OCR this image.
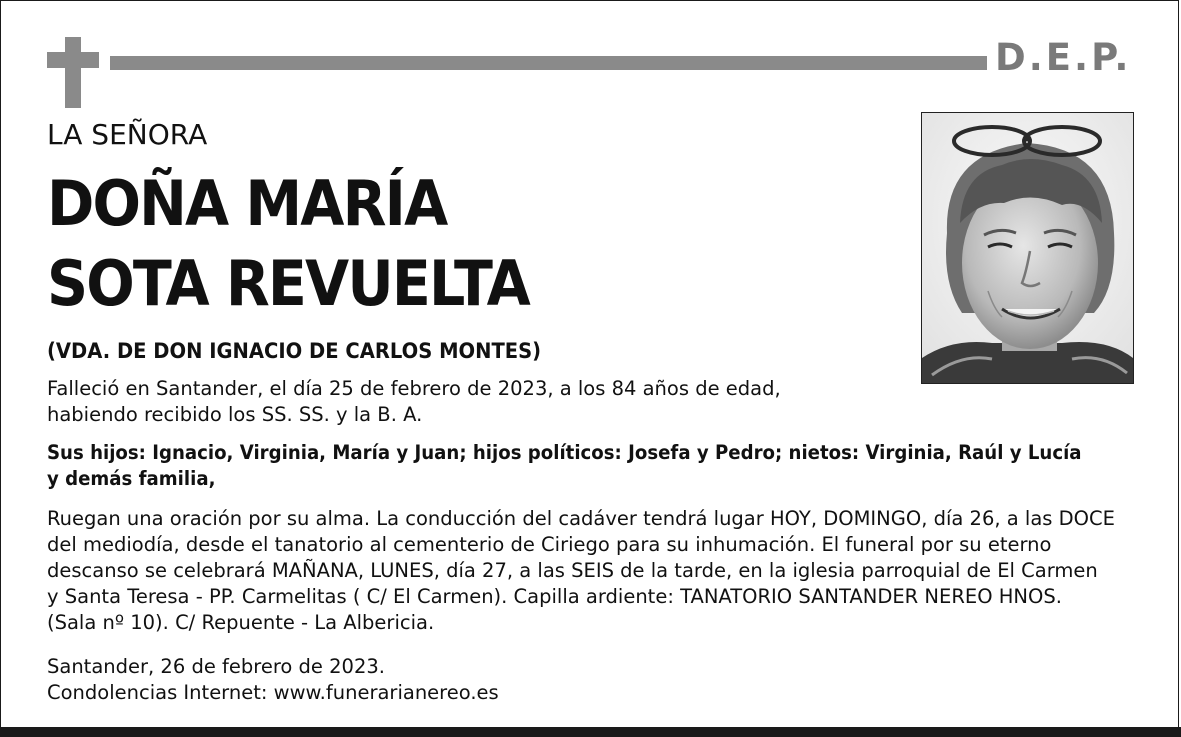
D.E.P.
LA SEÑORA
DOÑA MARÍA
SOTA REVUELTA
(VDA. DE DON IGNACIO DE CARLOS MONTES)
Falleció en Santander, el día 25 de febrero de 2023, a los 84 años de edad,
habiendo recibido los SS. SS. y la B. A.
Sus hijos: Ignacio, Virginia, María y Juan; hijos políticos: Josefa y Pedro; nietos: Virginia, Raúl y Lucía
y demás familia,
Ruegan una oración por su alma. La conducción del cadáver tendrá lugar HOY, DOMINGO, día 26, a las DOCE
del mediodía, desde el tanatorio al cementerio de Ciriego para su inhumación. El funeral por su eterno
descanso se celebrará MAÑANA, LUNES, día 27, a las SEIS de la tarde, en la iglesia parroquial de El Carmen
y Santa Teresa - PP. Carmelitas ( C/ El Carmen). Capilla ardiente: TANATORIO SANTANDER NEREO HNOS.
(Sala nº 10). C/ Repuente - La Albericia.
Santander, 26 de febrero de 2023.
Condolencias Internet: www.funerarianereo.es
